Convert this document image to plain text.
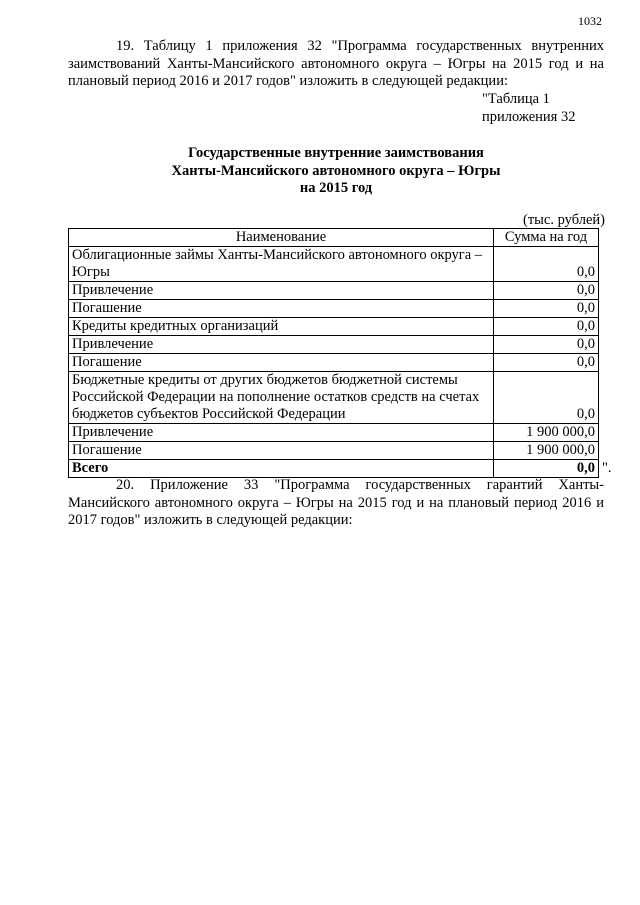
1032
19. Таблицу 1 приложения 32 "Программа государственных внутренних заимствований Ханты-Мансийского автономного округа – Югры на 2015 год и на плановый период 2016 и 2017 годов" изложить в следующей редакции:
"Таблица 1
приложения 32
Государственные внутренние заимствования
Ханты-Мансийского автономного округа – Югры
на 2015 год
(тыс. рублей)
Наименование	Сумма на год
Облигационные займы Ханты-Мансийского автономного округа – Югры	0,0
Привлечение	0,0
Погашение	0,0
Кредиты кредитных организаций	0,0
Привлечение	0,0
Погашение	0,0
Бюджетные кредиты от других бюджетов бюджетной системы Российской Федерации на пополнение остатков средств на счетах бюджетов субъектов Российской Федерации	0,0
Привлечение	1 900 000,0
Погашение	1 900 000,0
Всего	0,0 ".
20. Приложение 33 "Программа государственных гарантий Ханты-Мансийского автономного округа – Югры на 2015 год и на плановый период 2016 и 2017 годов" изложить в следующей редакции:
